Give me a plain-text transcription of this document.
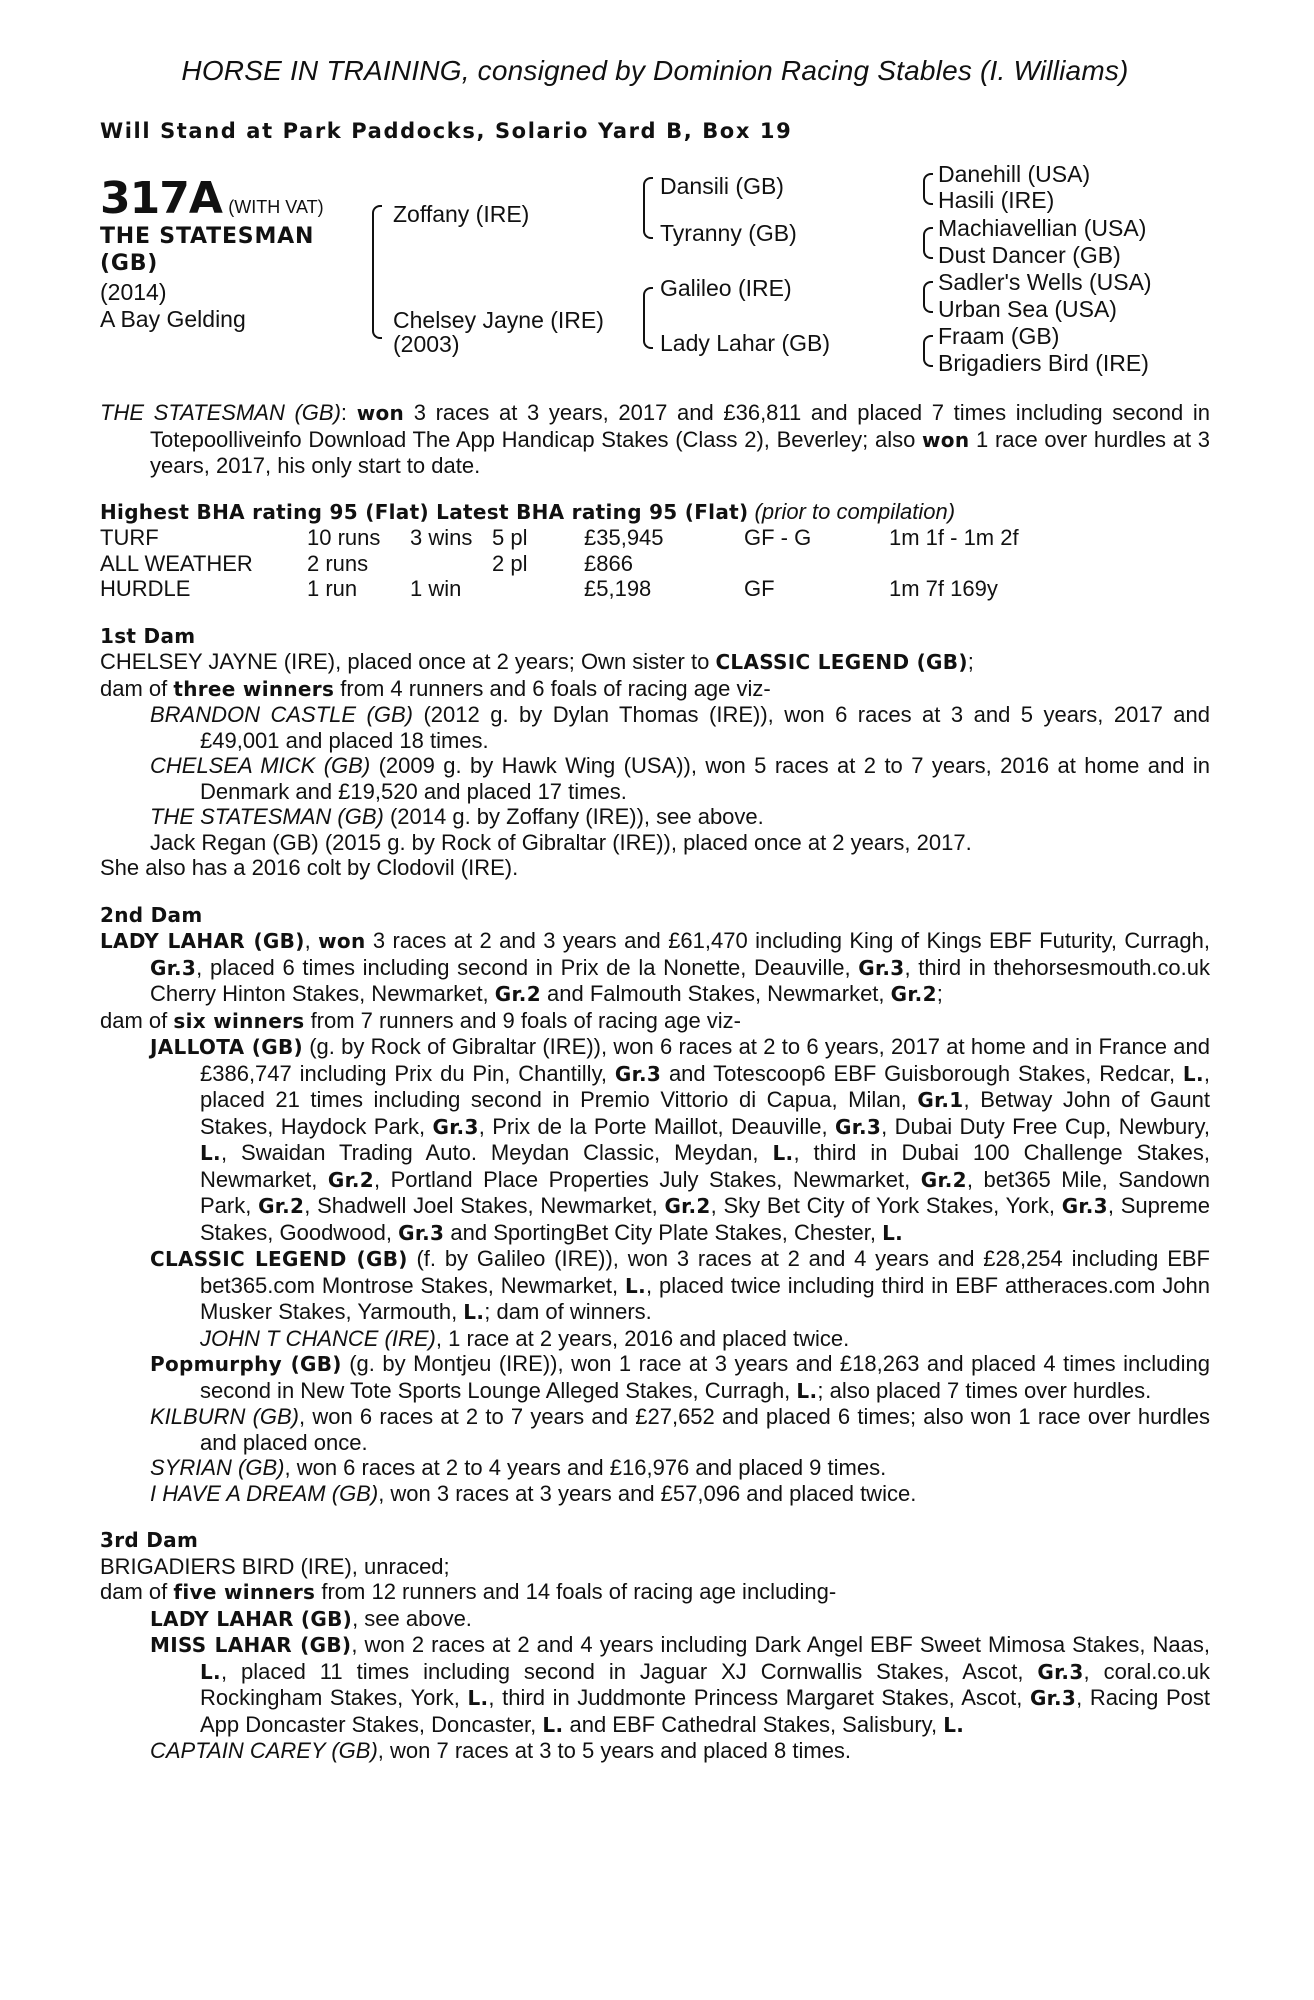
HORSE IN TRAINING, consigned by Dominion Racing Stables (I. Williams)

Will Stand at Park Paddocks, Solario Yard B, Box 19
317A (WITH VAT)
THE STATESMAN
(GB)
(2014)
A Bay Gelding
Zoffany (IRE)
Chelsey Jayne (IRE)
(2003)
Dansili (GB)
Tyranny (GB)
Galileo (IRE)
Lady Lahar (GB)
Danehill (USA)
Hasili (IRE)
Machiavellian (USA)
Dust Dancer (GB)
Sadler's Wells (USA)
Urban Sea (USA)
Fraam (GB)
Brigadiers Bird (IRE)

THE STATESMAN (GB): won 3 races at 3 years, 2017 and £36,811 and placed 7 times including second in Totepoolliveinfo Download The App Handicap Stakes (Class 2), Beverley; also won 1 race over hurdles at 3 years, 2017, his only start to date.

Highest BHA rating 95 (Flat) Latest BHA rating 95 (Flat) (prior to compilation)
TURF	10 runs	3 wins	5 pl	£35,945	GF - G	1m 1f - 1m 2f
ALL WEATHER	2 runs		2 pl	£866		
HURDLE	1 run	1 win		£5,198	GF	1m 7f 169y
1st Dam

CHELSEY JAYNE (IRE), placed once at 2 years; Own sister to CLASSIC LEGEND (GB);

dam of three winners from 4 runners and 6 foals of racing age viz-

BRANDON CASTLE (GB) (2012 g. by Dylan Thomas (IRE)), won 6 races at 3 and 5 years, 2017 and £49,001 and placed 18 times.

CHELSEA MICK (GB) (2009 g. by Hawk Wing (USA)), won 5 races at 2 to 7 years, 2016 at home and in Denmark and £19,520 and placed 17 times.

THE STATESMAN (GB) (2014 g. by Zoffany (IRE)), see above.

Jack Regan (GB) (2015 g. by Rock of Gibraltar (IRE)), placed once at 2 years, 2017.

She also has a 2016 colt by Clodovil (IRE).

2nd Dam

LADY LAHAR (GB), won 3 races at 2 and 3 years and £61,470 including King of Kings EBF Futurity, Curragh, Gr.3, placed 6 times including second in Prix de la Nonette, Deauville, Gr.3, third in thehorsesmouth.co.uk Cherry Hinton Stakes, Newmarket, Gr.2 and Falmouth Stakes, Newmarket, Gr.2;

dam of six winners from 7 runners and 9 foals of racing age viz-

JALLOTA (GB) (g. by Rock of Gibraltar (IRE)), won 6 races at 2 to 6 years, 2017 at home and in France and £386,747 including Prix du Pin, Chantilly, Gr.3 and Totescoop6 EBF Guisborough Stakes, Redcar, L., placed 21 times including second in Premio Vittorio di Capua, Milan, Gr.1, Betway John of Gaunt Stakes, Haydock Park, Gr.3, Prix de la Porte Maillot, Deauville, Gr.3, Dubai Duty Free Cup, Newbury, L., Swaidan Trading Auto. Meydan Classic, Meydan, L., third in Dubai 100 Challenge Stakes, Newmarket, Gr.2, Portland Place Properties July Stakes, Newmarket, Gr.2, bet365 Mile, Sandown Park, Gr.2, Shadwell Joel Stakes, Newmarket, Gr.2, Sky Bet City of York Stakes, York, Gr.3, Supreme Stakes, Goodwood, Gr.3 and SportingBet City Plate Stakes, Chester, L.

CLASSIC LEGEND (GB) (f. by Galileo (IRE)), won 3 races at 2 and 4 years and £28,254 including EBF bet365.com Montrose Stakes, Newmarket, L., placed twice including third in EBF attheraces.com John Musker Stakes, Yarmouth, L.; dam of winners.

JOHN T CHANCE (IRE), 1 race at 2 years, 2016 and placed twice.

Popmurphy (GB) (g. by Montjeu (IRE)), won 1 race at 3 years and £18,263 and placed 4 times including second in New Tote Sports Lounge Alleged Stakes, Curragh, L.; also placed 7 times over hurdles.

KILBURN (GB), won 6 races at 2 to 7 years and £27,652 and placed 6 times; also won 1 race over hurdles and placed once.

SYRIAN (GB), won 6 races at 2 to 4 years and £16,976 and placed 9 times.

I HAVE A DREAM (GB), won 3 races at 3 years and £57,096 and placed twice.

3rd Dam

BRIGADIERS BIRD (IRE), unraced;

dam of five winners from 12 runners and 14 foals of racing age including-

LADY LAHAR (GB), see above.

MISS LAHAR (GB), won 2 races at 2 and 4 years including Dark Angel EBF Sweet Mimosa Stakes, Naas, L., placed 11 times including second in Jaguar XJ Cornwallis Stakes, Ascot, Gr.3, coral.co.uk Rockingham Stakes, York, L., third in Juddmonte Princess Margaret Stakes, Ascot, Gr.3, Racing Post App Doncaster Stakes, Doncaster, L. and EBF Cathedral Stakes, Salisbury, L.

CAPTAIN CAREY (GB), won 7 races at 3 to 5 years and placed 8 times.
